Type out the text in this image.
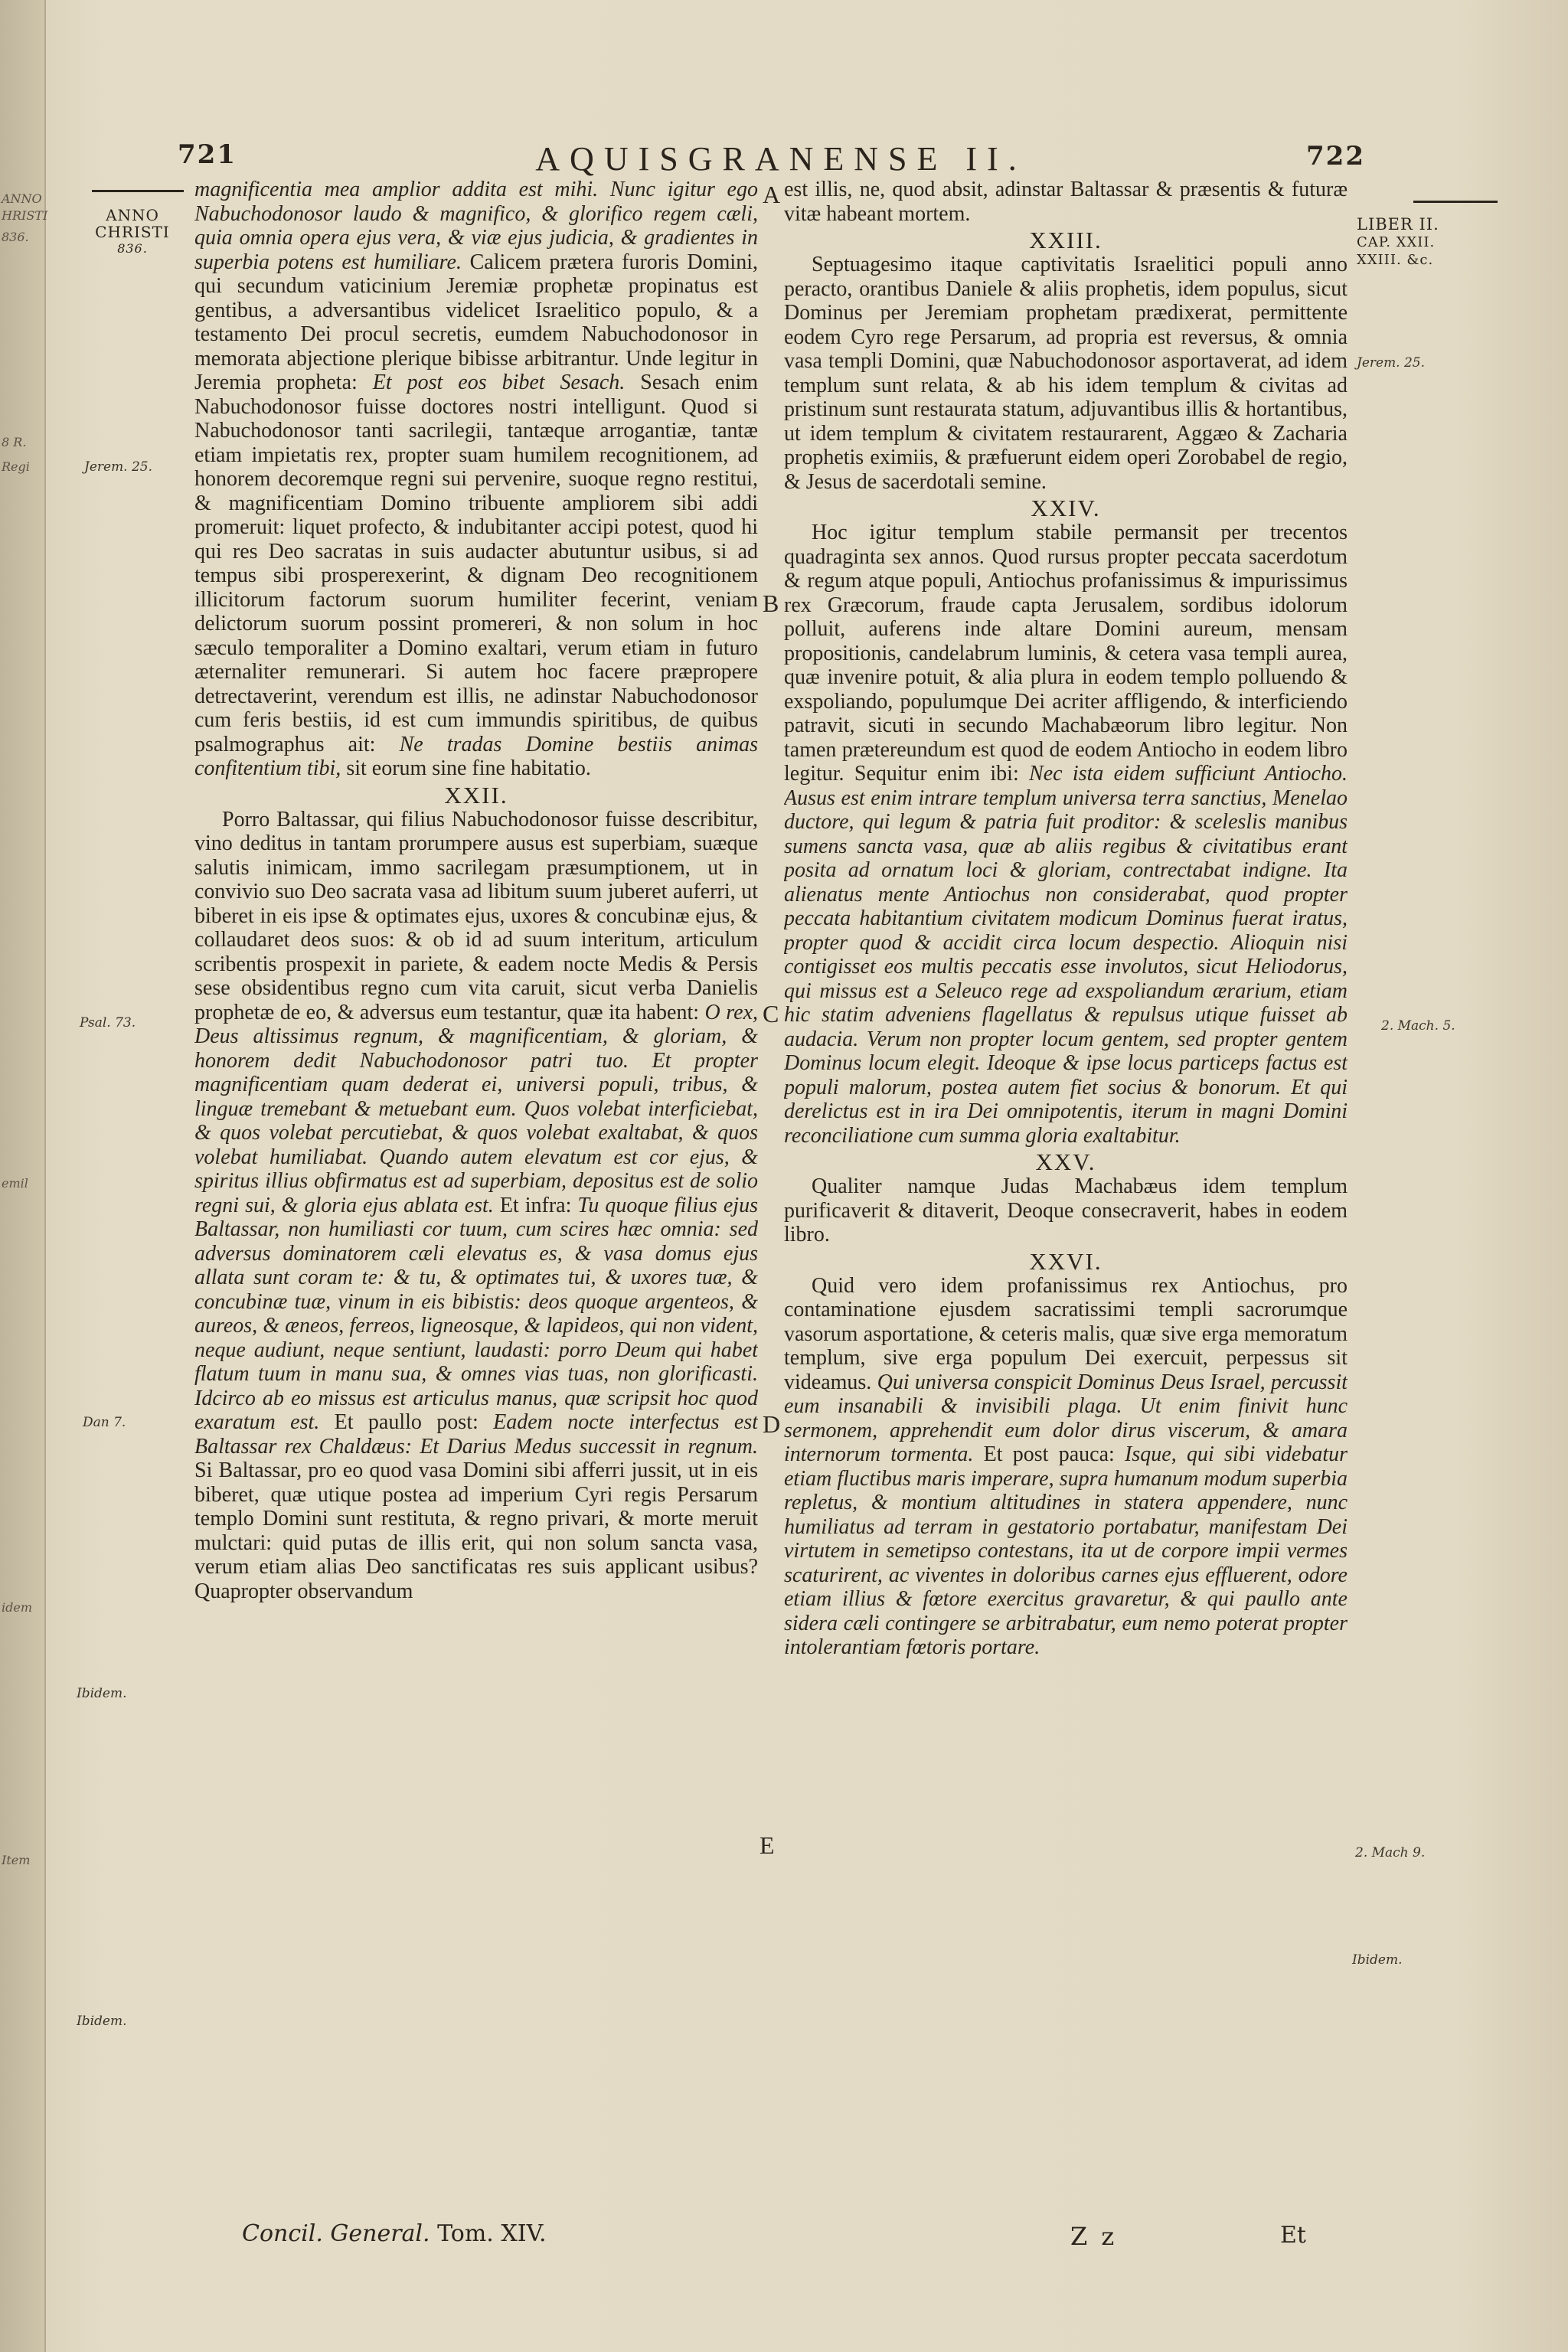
ANNO
HRISTI
836.
8 R.
Regi
emil
idem
Item
721	AQUISGRANENSE II.	722
ANNO
CHRISTI
836.
Jerem. 25.
Psal. 73.
Dan 7.
Ibidem.
Ibidem.
LIBER II.
CAP. XXII.
XXIII. &c.
Jerem. 25.
2. Mach. 5.
2. Mach 9.
Ibidem.
A
B
C
D
E

magnificentia mea amplior addita est mihi. Nunc igitur ego Nabuchodonosor laudo & magnifico, & glorifico regem cæli, quia omnia opera ejus vera, & viæ ejus judicia, & gradientes in superbia potens est humiliare. Calicem prætera furoris Domini, qui secundum vaticinium Jeremiæ prophetæ propinatus est gentibus, a adversantibus videlicet Israelitico populo, & a testamento Dei procul secretis, eumdem Nabuchodonosor in memorata abjectione plerique bibisse arbitrantur. Unde legitur in Jeremia propheta: Et post eos bibet Sesach. Sesach enim Nabuchodonosor fuisse doctores nostri intelligunt. Quod si Nabuchodonosor tanti sacrilegii, tantæque arrogantiæ, tantæ etiam impietatis rex, propter suam humilem recognitionem, ad honorem decoremque regni sui pervenire, suoque regno restitui, & magnificentiam Domino tribuente ampliorem sibi addi promeruit: liquet profecto, & indubitanter accipi potest, quod hi qui res Deo sacratas in suis audacter abutuntur usibus, si ad tempus sibi prosperexerint, & dignam Deo recognitionem illicitorum factorum suorum humiliter fecerint, veniam delictorum suorum possint promereri, & non solum in hoc sæculo temporaliter a Domino exaltari, verum etiam in futuro æternaliter remunerari. Si autem hoc facere præpropere detrectaverint, verendum est illis, ne adinstar Nabuchodonosor cum feris bestiis, id est cum immundis spiritibus, de quibus psalmographus ait: Ne tradas Domine bestiis animas confitentium tibi, sit eorum sine fine habitatio.

XXII.

Porro Baltassar, qui filius Nabuchodonosor fuisse describitur, vino deditus in tantam prorumpere ausus est superbiam, suæque salutis inimicam, immo sacrilegam præsumptionem, ut in convivio suo Deo sacrata vasa ad libitum suum juberet auferri, ut biberet in eis ipse & optimates ejus, uxores & concubinæ ejus, & collaudaret deos suos: & ob id ad suum interitum, articulum scribentis prospexit in pariete, & eadem nocte Medis & Persis sese obsidentibus regno cum vita caruit, sicut verba Danielis prophetæ de eo, & adversus eum testantur, quæ ita habent: O rex, Deus altissimus regnum, & magnificentiam, & gloriam, & honorem dedit Nabuchodonosor patri tuo. Et propter magnificentiam quam dederat ei, universi populi, tribus, & linguæ tremebant & metuebant eum. Quos volebat interficiebat, & quos volebat percutiebat, & quos volebat exaltabat, & quos volebat humiliabat. Quando autem elevatum est cor ejus, & spiritus illius obfirmatus est ad superbiam, depositus est de solio regni sui, & gloria ejus ablata est. Et infra: Tu quoque filius ejus Baltassar, non humiliasti cor tuum, cum scires hæc omnia: sed adversus dominatorem cæli elevatus es, & vasa domus ejus allata sunt coram te: & tu, & optimates tui, & uxores tuæ, & concubinæ tuæ, vinum in eis bibistis: deos quoque argenteos, & aureos, & æneos, ferreos, ligneosque, & lapideos, qui non vident, neque audiunt, neque sentiunt, laudasti: porro Deum qui habet flatum tuum in manu sua, & omnes vias tuas, non glorificasti. Idcirco ab eo missus est articulus manus, quæ scripsit hoc quod exaratum est. Et paullo post: Eadem nocte interfectus est Baltassar rex Chaldæus: Et Darius Medus successit in regnum. Si Baltassar, pro eo quod vasa Domini sibi afferri jussit, ut in eis biberet, quæ utique postea ad imperium Cyri regis Persarum templo Domini sunt restituta, & regno privari, & morte meruit mulctari: quid putas de illis erit, qui non solum sancta vasa, verum etiam alias Deo sanctificatas res suis applicant usibus? Quapropter observandum

est illis, ne, quod absit, adinstar Baltassar & præsentis & futuræ vitæ habeant mortem.

XXIII.

Septuagesimo itaque captivitatis Israelitici populi anno peracto, orantibus Daniele & aliis prophetis, idem populus, sicut Dominus per Jeremiam prophetam prædixerat, permittente eodem Cyro rege Persarum, ad propria est reversus, & omnia vasa templi Domini, quæ Nabuchodonosor asportaverat, ad idem templum sunt relata, & ab his idem templum & civitas ad pristinum sunt restaurata statum, adjuvantibus illis & hortantibus, ut idem templum & civitatem restaurarent, Aggæo & Zacharia prophetis eximiis, & præfuerunt eidem operi Zorobabel de regio, & Jesus de sacerdotali semine.

XXIV.

Hoc igitur templum stabile permansit per trecentos quadraginta sex annos. Quod rursus propter peccata sacerdotum & regum atque populi, Antiochus profanissimus & impurissimus rex Græcorum, fraude capta Jerusalem, sordibus idolorum polluit, auferens inde altare Domini aureum, mensam propositionis, candelabrum luminis, & cetera vasa templi aurea, quæ invenire potuit, & alia plura in eodem templo polluendo & exspoliando, populumque Dei acriter affligendo, & interficiendo patravit, sicuti in secundo Machabæorum libro legitur. Non tamen prætereundum est quod de eodem Antiocho in eodem libro legitur. Sequitur enim ibi: Nec ista eidem sufficiunt Antiocho. Ausus est enim intrare templum universa terra sanctius, Menelao ductore, qui legum & patria fuit proditor: & sceleslis manibus sumens sancta vasa, quæ ab aliis regibus & civitatibus erant posita ad ornatum loci & gloriam, contrectabat indigne. Ita alienatus mente Antiochus non considerabat, quod propter peccata habitantium civitatem modicum Dominus fuerat iratus, propter quod & accidit circa locum despectio. Alioquin nisi contigisset eos multis peccatis esse involutos, sicut Heliodorus, qui missus est a Seleuco rege ad exspoliandum ærarium, etiam hic statim adveniens flagellatus & repulsus utique fuisset ab audacia. Verum non propter locum gentem, sed propter gentem Dominus locum elegit. Ideoque & ipse locus particeps factus est populi malorum, postea autem fiet socius & bonorum. Et qui derelictus est in ira Dei omnipotentis, iterum in magni Domini reconciliatione cum summa gloria exaltabitur.

XXV.

Qualiter namque Judas Machabæus idem templum purificaverit & ditaverit, Deoque consecraverit, habes in eodem libro.

XXVI.

Quid vero idem profanissimus rex Antiochus, pro contaminatione ejusdem sacratissimi templi sacrorumque vasorum asportatione, & ceteris malis, quæ sive erga memoratum templum, sive erga populum Dei exercuit, perpessus sit videamus. Qui universa conspicit Dominus Deus Israel, percussit eum insanabili & invisibili plaga. Ut enim finivit hunc sermonem, apprehendit eum dolor dirus viscerum, & amara internorum tormenta. Et post pauca: Isque, qui sibi videbatur etiam fluctibus maris imperare, supra humanum modum superbia repletus, & montium altitudines in statera appendere, nunc humiliatus ad terram in gestatorio portabatur, manifestam Dei virtutem in semetipso contestans, ita ut de corpore impii vermes scaturirent, ac viventes in doloribus carnes ejus effluerent, odore etiam illius & fœtore exercitus gravaretur, & qui paullo ante sidera cæli contingere se arbitrabatur, eum nemo poterat propter intolerantiam fœtoris portare.

Concil. General. Tom. XIV.	Z z	Et
